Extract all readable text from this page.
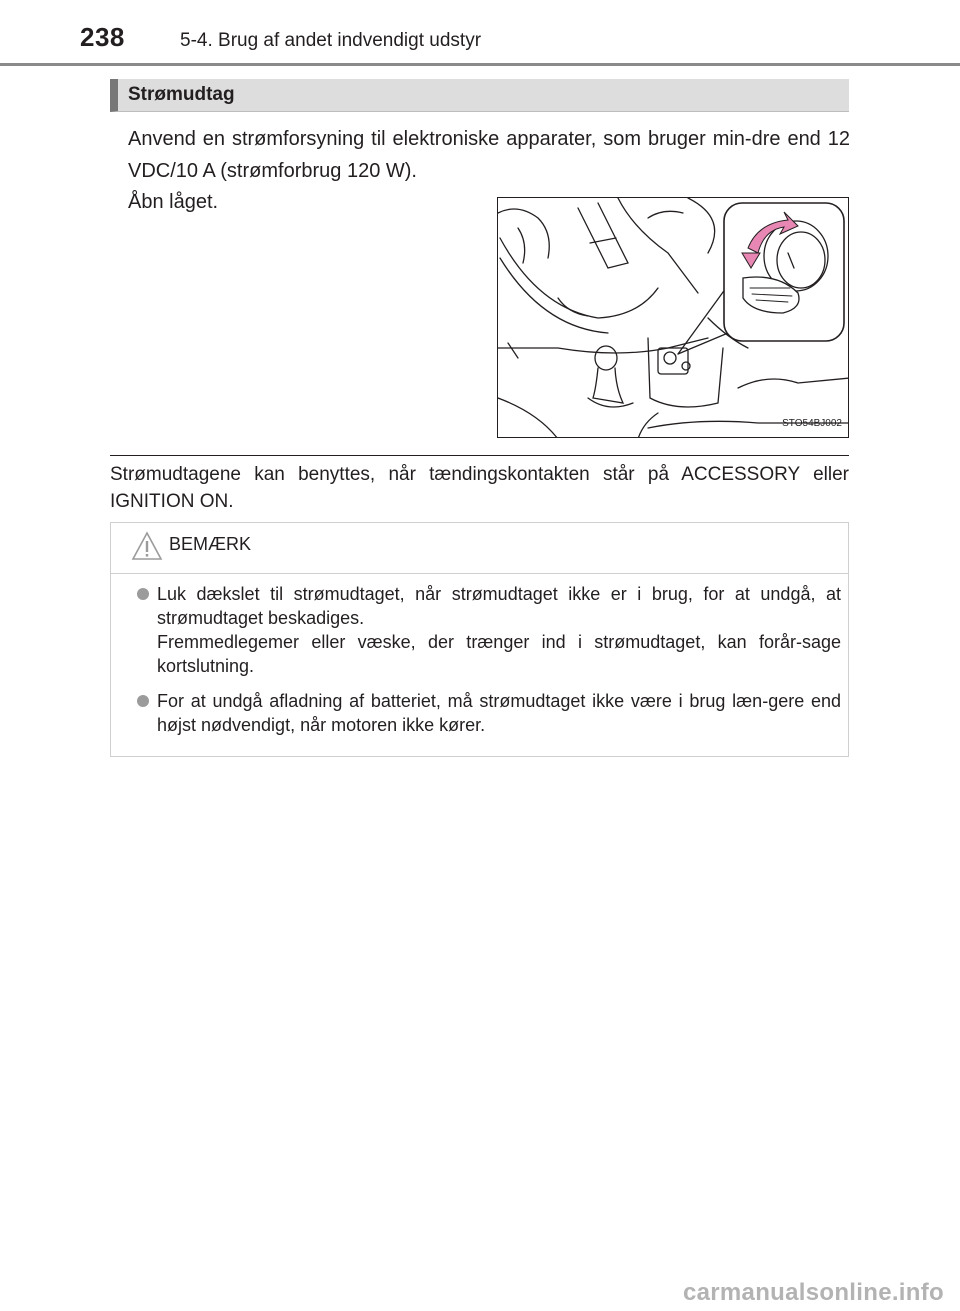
238	5-4. Brug af andet indvendigt udstyr
Strømudtag
Anvend en strømforsyning til elektroniske apparater, som bruger min-dre end 12 VDC/10 A (strømforbrug 120 W).
Åbn låget.
STO54BJ002
Strømudtagene kan benyttes, når tændingskontakten står på ACCESSORY eller IGNITION ON.
BEMÆRK
Luk dækslet til strømudtaget, når strømudtaget ikke er i brug, for at undgå, at strømudtaget beskadiges.
Fremmedlegemer eller væske, der trænger ind i strømudtaget, kan forår-sage kortslutning.
For at undgå afladning af batteriet, må strømudtaget ikke være i brug læn-gere end højst nødvendigt, når motoren ikke kører.
carmanualsonline.info
